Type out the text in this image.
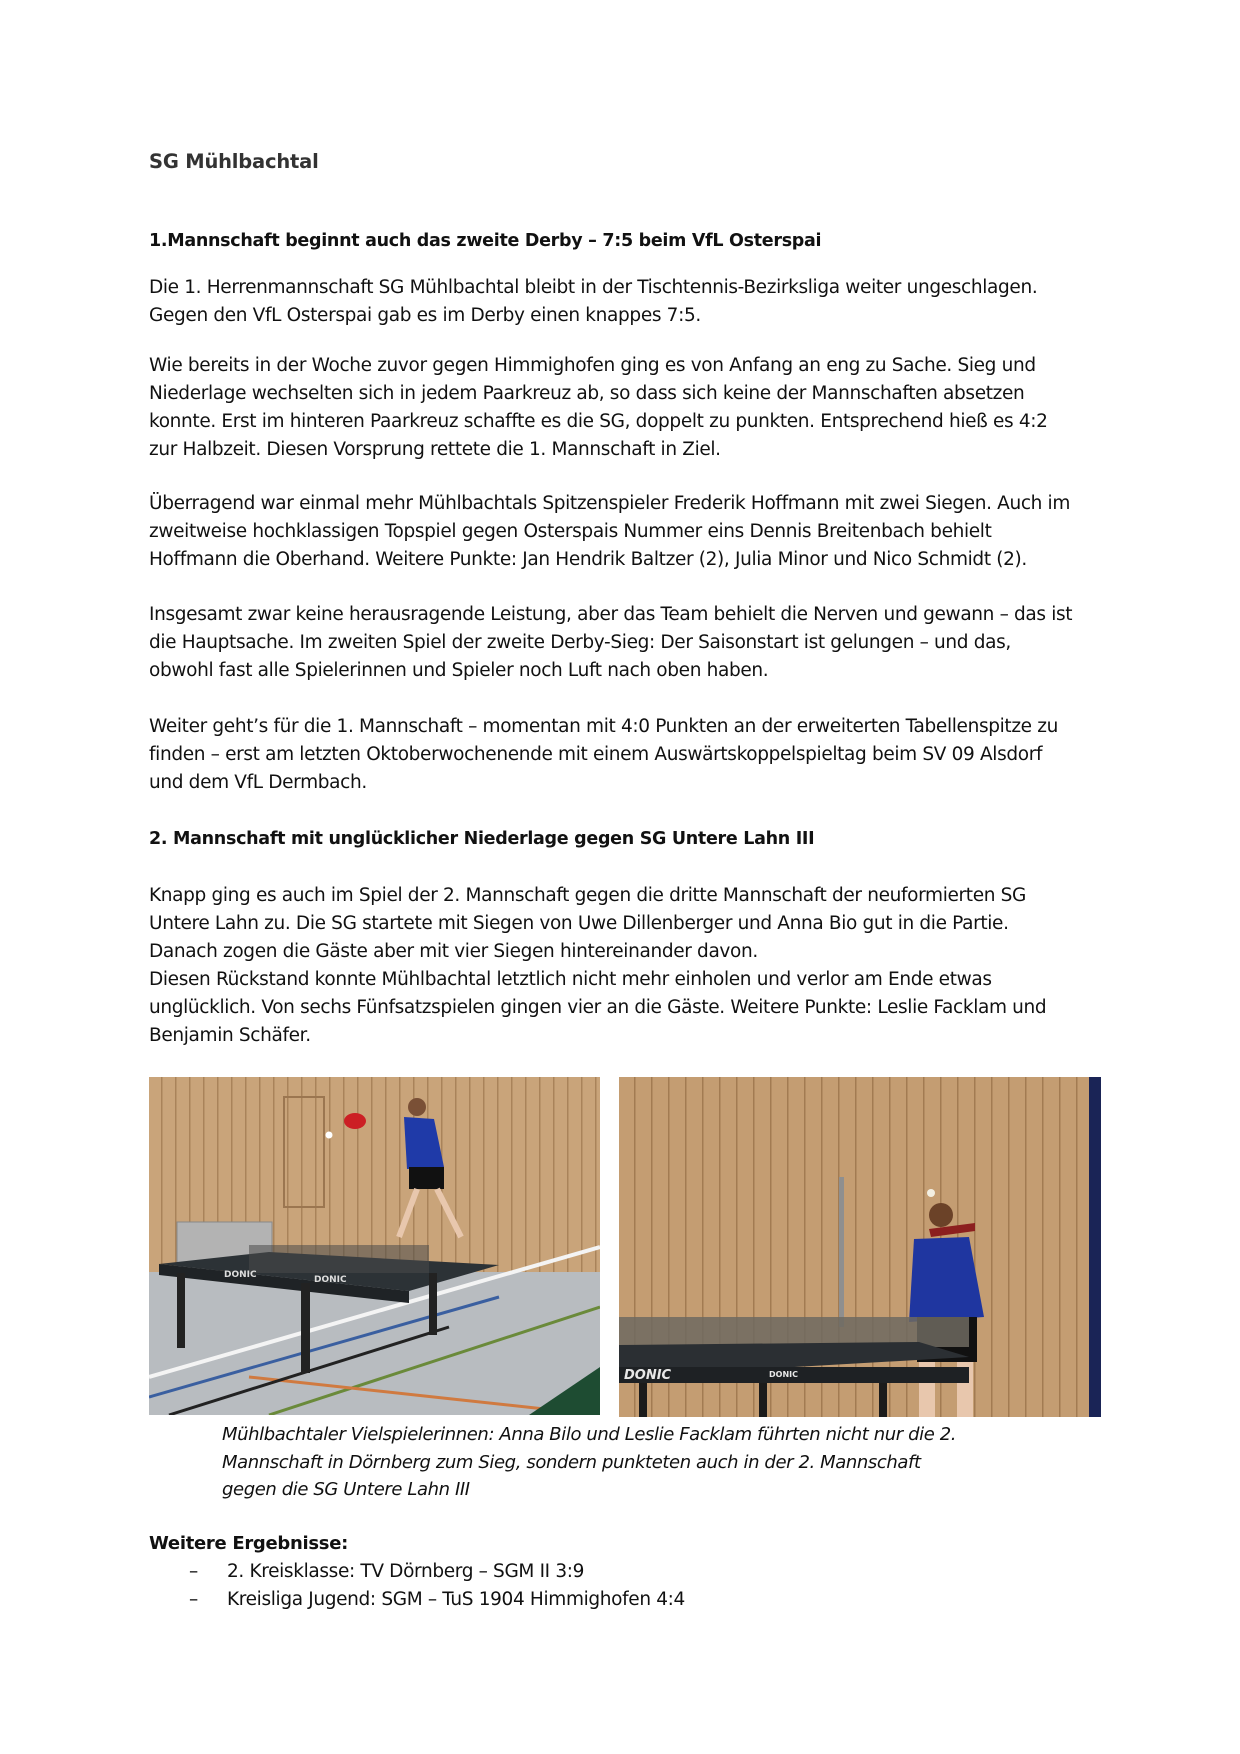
SG Mühlbachtal
1.Mannschaft beginnt auch das zweite Derby – 7:5 beim VfL Osterspai
Die 1. Herrenmannschaft SG Mühlbachtal bleibt in der Tischtennis-Bezirksliga weiter ungeschlagen.
Gegen den VfL Osterspai gab es im Derby einen knappes 7:5.
Wie bereits in der Woche zuvor gegen Himmighofen ging es von Anfang an eng zu Sache. Sieg und
Niederlage wechselten sich in jedem Paarkreuz ab, so dass sich keine der Mannschaften absetzen
konnte. Erst im hinteren Paarkreuz schaffte es die SG, doppelt zu punkten. Entsprechend hieß es 4:2
zur Halbzeit. Diesen Vorsprung rettete die 1. Mannschaft in Ziel.
Überragend war einmal mehr Mühlbachtals Spitzenspieler Frederik Hoffmann mit zwei Siegen. Auch im
zweitweise hochklassigen Topspiel gegen Osterspais Nummer eins Dennis Breitenbach behielt
Hoffmann die Oberhand. Weitere Punkte: Jan Hendrik Baltzer (2), Julia Minor und Nico Schmidt (2).
Insgesamt zwar keine herausragende Leistung, aber das Team behielt die Nerven und gewann – das ist
die Hauptsache. Im zweiten Spiel der zweite Derby-Sieg: Der Saisonstart ist gelungen – und das,
obwohl fast alle Spielerinnen und Spieler noch Luft nach oben haben.
Weiter geht’s für die 1. Mannschaft – momentan mit 4:0 Punkten an der erweiterten Tabellenspitze zu
finden – erst am letzten Oktoberwochenende mit einem Auswärtskoppelspieltag beim SV 09 Alsdorf
und dem VfL Dermbach.
2. Mannschaft mit unglücklicher Niederlage gegen SG Untere Lahn III
Knapp ging es auch im Spiel der 2. Mannschaft gegen die dritte Mannschaft der neuformierten SG
Untere Lahn zu. Die SG startete mit Siegen von Uwe Dillenberger und Anna Bio gut in die Partie.
Danach zogen die Gäste aber mit vier Siegen hintereinander davon.
Diesen Rückstand konnte Mühlbachtal letztlich nicht mehr einholen und verlor am Ende etwas
unglücklich. Von sechs Fünfsatzspielen gingen vier an die Gäste. Weitere Punkte: Leslie Facklam und
Benjamin Schäfer.
DONIC	DONIC
DONIC	DONIC
Mühlbachtaler Vielspielerinnen: Anna Bilo und Leslie Facklam führten nicht nur die 2.
Mannschaft in Dörnberg zum Sieg, sondern punkteten auch in der 2. Mannschaft
gegen die SG Untere Lahn III
Weitere Ergebnisse:
–	2. Kreisklasse: TV Dörnberg – SGM II 3:9
–	Kreisliga Jugend: SGM – TuS 1904 Himmighofen 4:4
